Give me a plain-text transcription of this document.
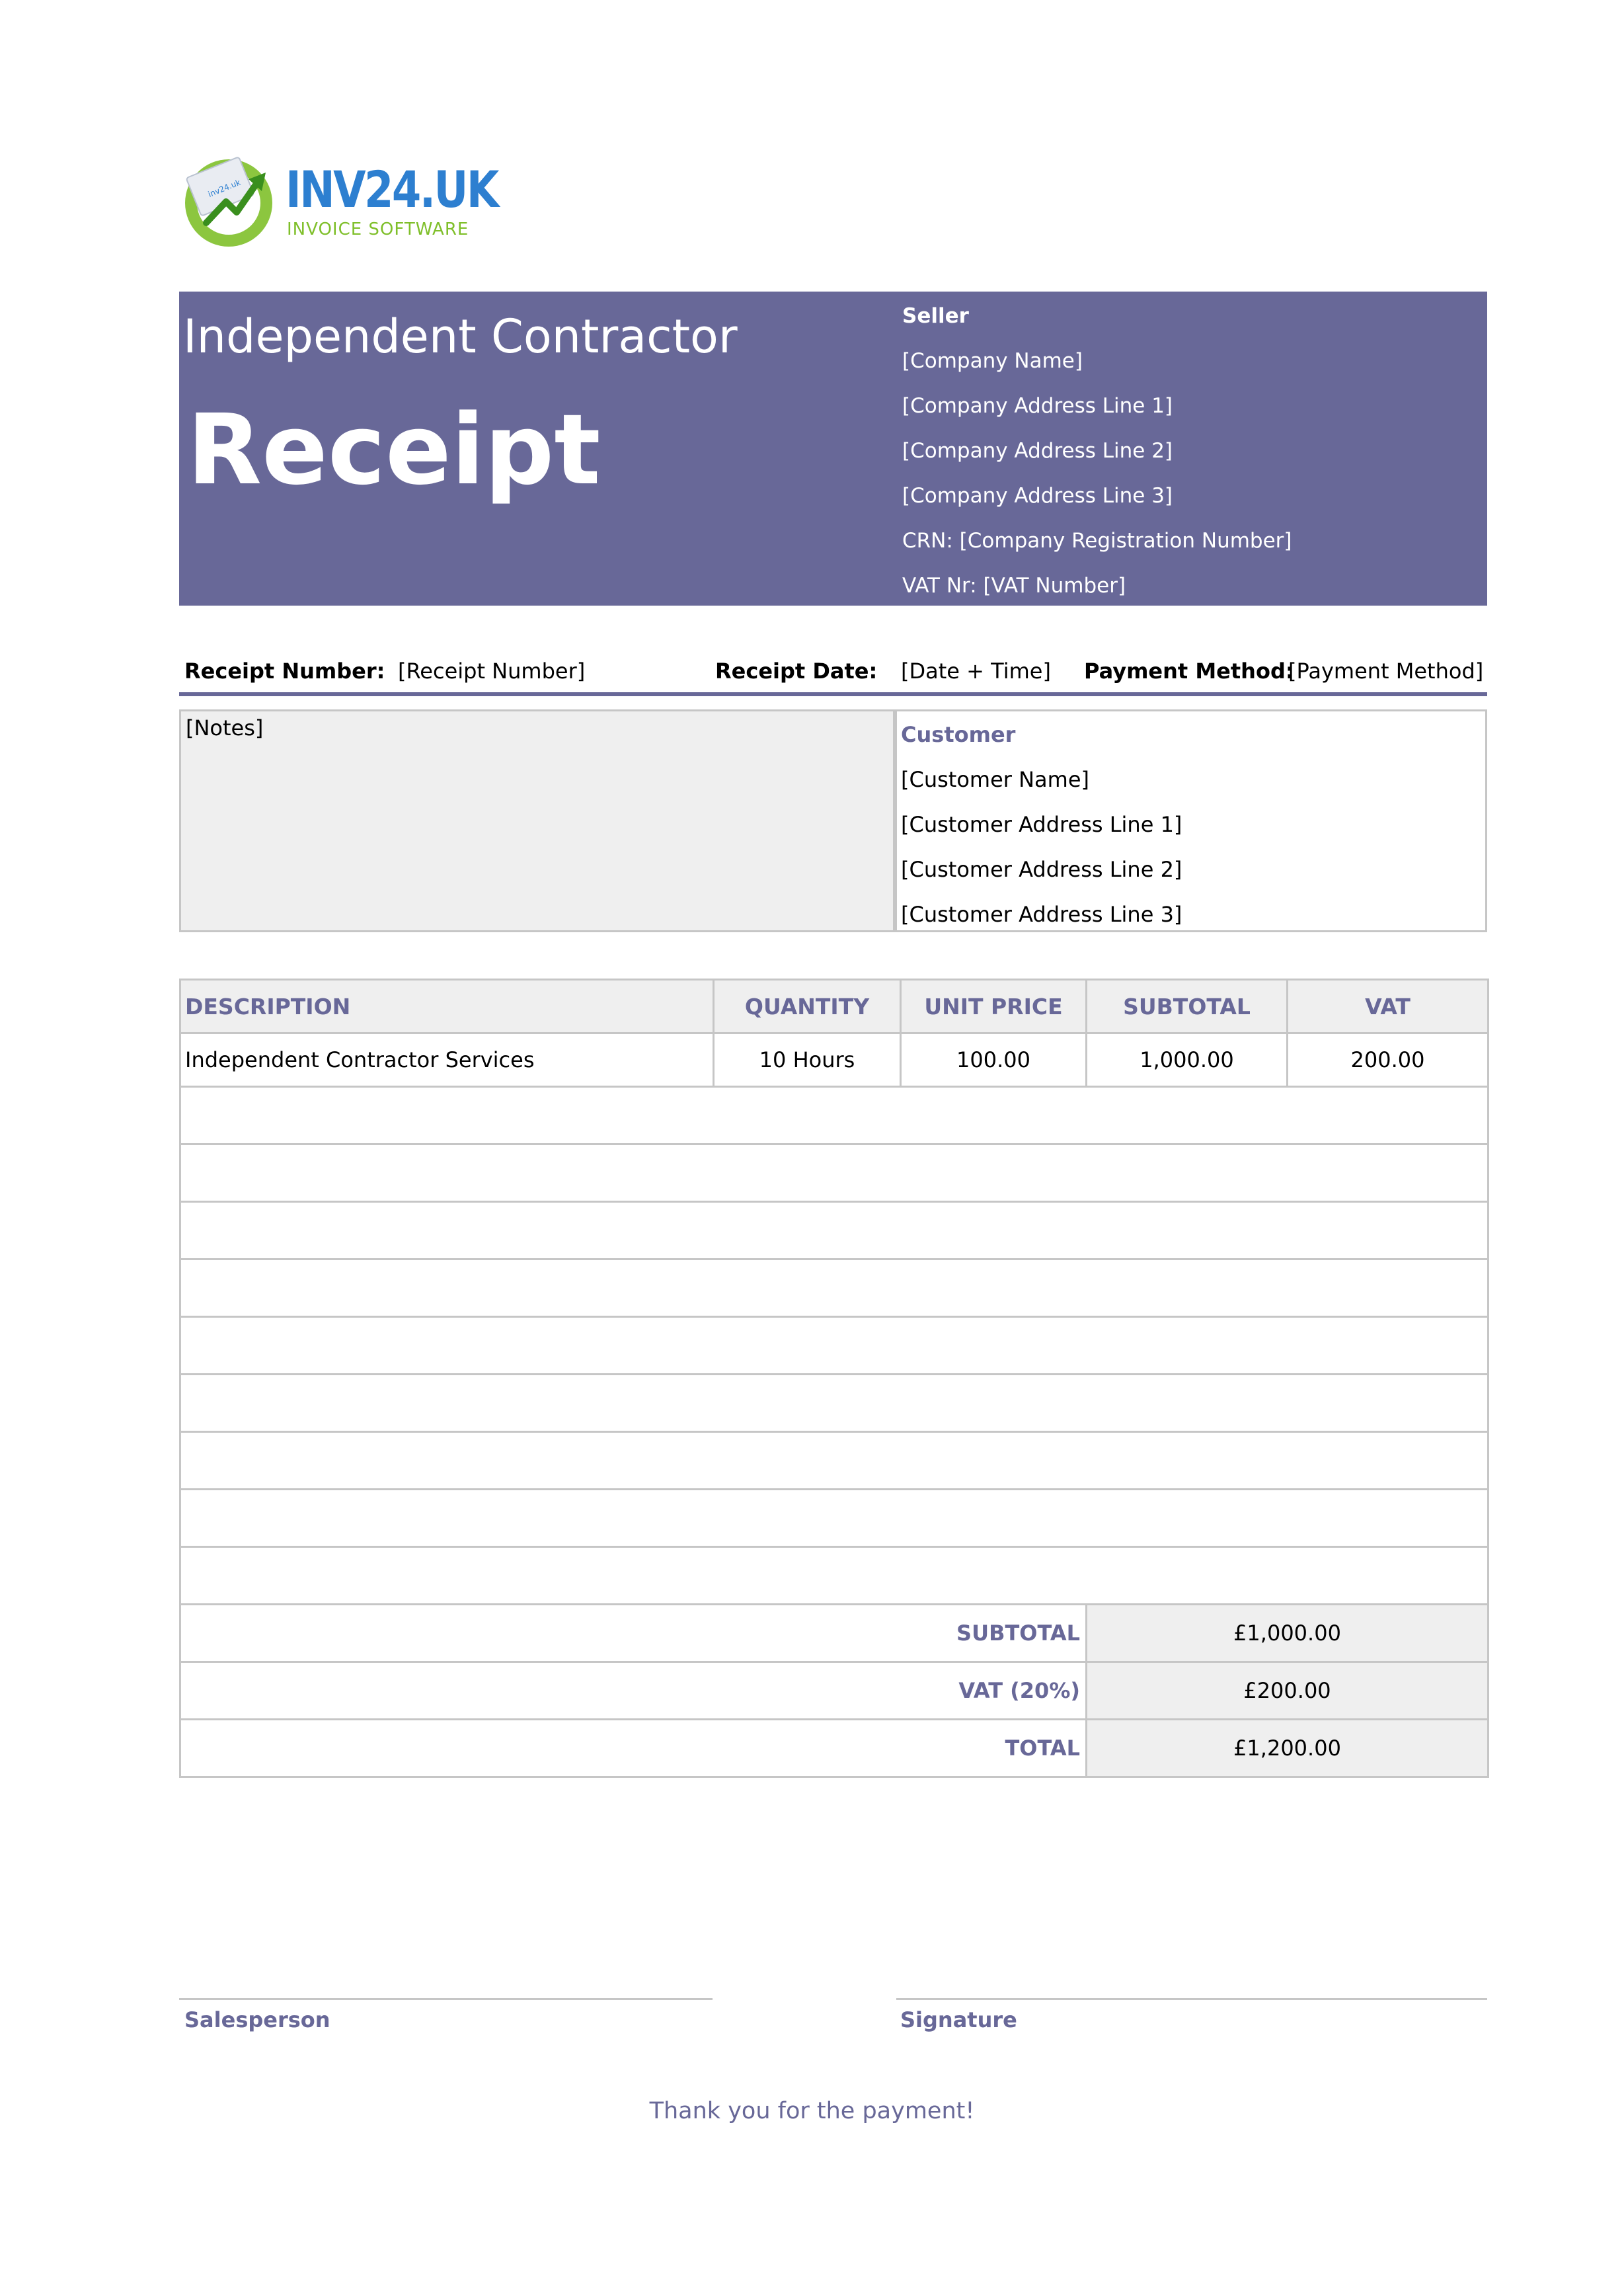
inv24.uk INV24.UK
INVOICE SOFTWARE
Independent Contractor
Receipt
Seller
[Company Name]
[Company Address Line 1]
[Company Address Line 2]
[Company Address Line 3]
CRN: [Company Registration Number]
VAT Nr: [VAT Number]
Receipt Number: [Receipt Number]	Receipt Date: [Date + Time] Payment Method:
[Payment Method]
[Notes]	Customer
[Customer Name]
[Customer Address Line 1]
[Customer Address Line 2]
[Customer Address Line 3]
DESCRIPTION	QUANTITY	UNIT PRICE	SUBTOTAL	VAT
Independent Contractor Services	10 Hours	100.00	1,000.00	200.00

		SUBTOTAL	£1,000.00	
		VAT (20%)	£200.00	
		TOTAL	£1,200.00	
Salesperson	Signature
Thank you for the payment!
